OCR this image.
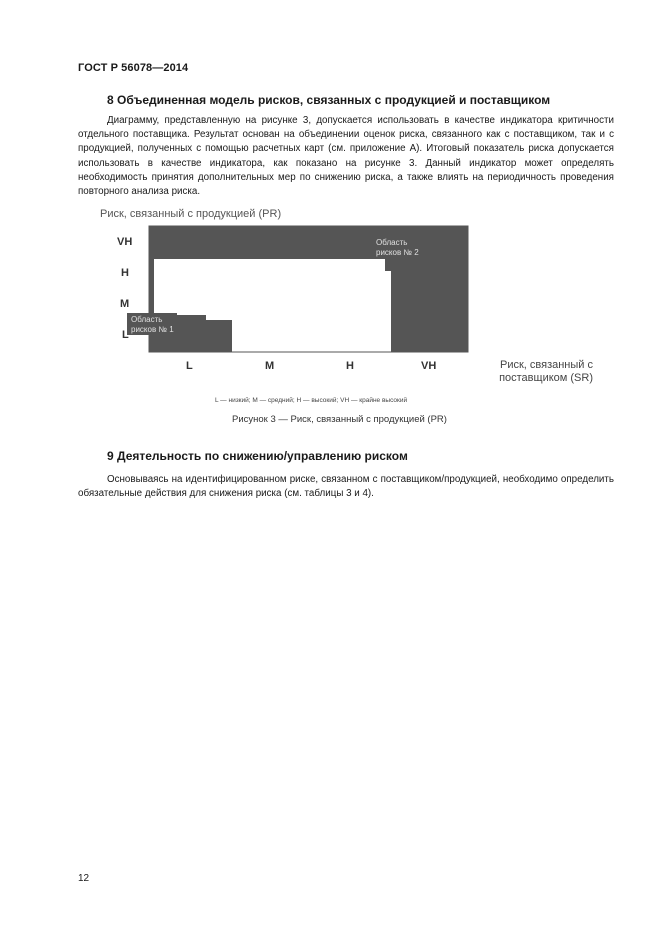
ГОСТ Р 56078—2014
8 Объединенная модель рисков, связанных с продукцией и поставщиком

Диаграмму, представленную на рисунке 3, допускается использовать в качестве индикатора критичности отдельного поставщика. Результат основан на объединении оценок риска, связанного как с поставщиком, так и с продукцией, полученных с помощью расчетных карт (см. приложение А). Итоговый показатель риска допускается использовать в качестве индикатора, как показано на рисунке 3. Данный индикатор может определять необходимость принятия дополнительных мер по снижению риска, а также влиять на периодичность проведения повторного анализа риска.

Риск, связанный с продукцией (PR)
Область
рисков № 2
Область
рисков № 1
VH
H
M
L
L	M	H	VH	Риск, связанный с поставщиком (SR)
L — низкий; М — средний; Н — высокий; VH — крайне высокий
Рисунок 3 — Риск, связанный с продукцией (PR)
9 Деятельность по снижению/управлению риском

Основываясь на идентифицированном риске, связанном с поставщиком/продукцией, необходимо определить обязательные действия для снижения риска (см. таблицы 3 и 4).

12
